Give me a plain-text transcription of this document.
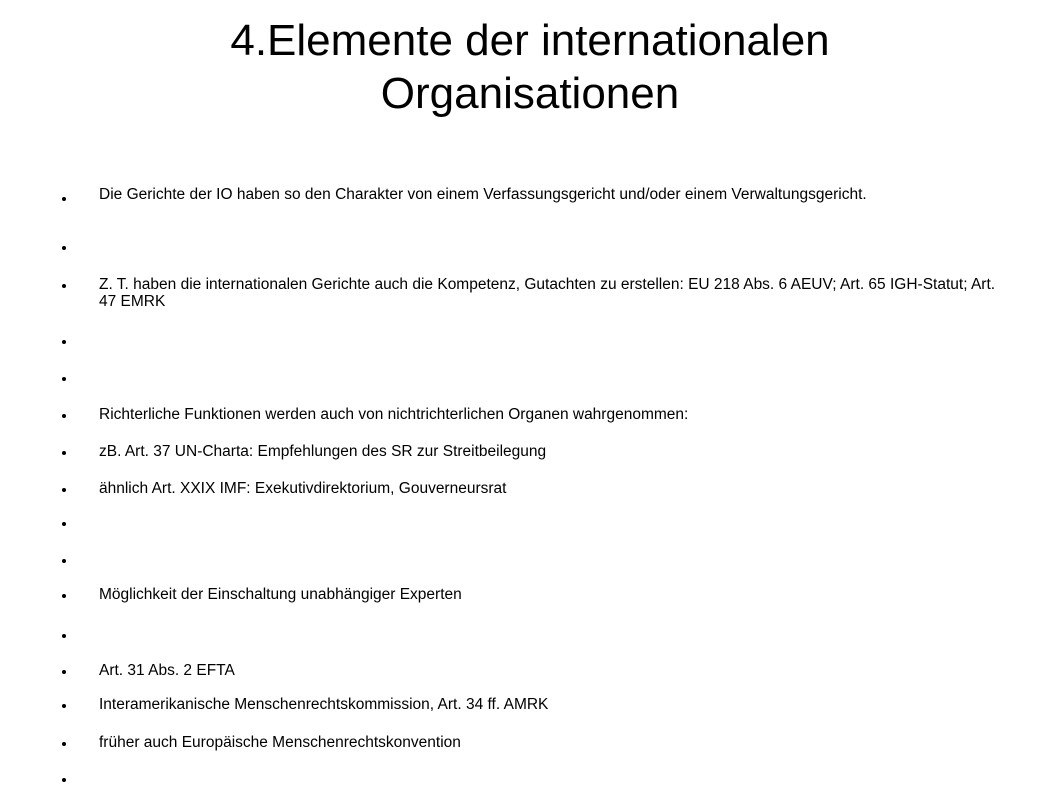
4.Elemente der internationalen
Organisationen
Die Gerichte der IO haben so den Charakter von einem Verfassungsgericht und/oder einem Verwaltungsgericht.
Z. T. haben die internationalen Gerichte auch die Kompetenz, Gutachten zu erstellen: EU 218 Abs. 6 AEUV; Art. 65 IGH-Statut; Art. 47 EMRK
Richterliche Funktionen werden auch von nichtrichterlichen Organen wahrgenommen:
zB. Art. 37 UN-Charta: Empfehlungen des SR zur Streitbeilegung
ähnlich Art. XXIX IMF: Exekutivdirektorium, Gouverneursrat
Möglichkeit der Einschaltung unabhängiger Experten
Art. 31 Abs. 2 EFTA
Interamerikanische Menschenrechtskommission, Art. 34 ff. AMRK
früher auch Europäische Menschenrechtskonvention
